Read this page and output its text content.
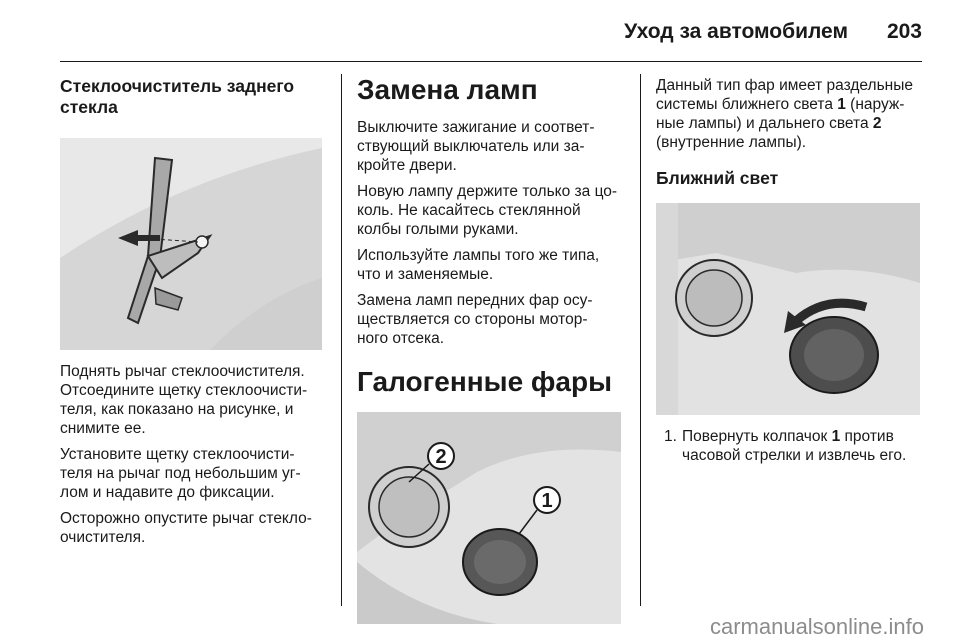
Уход за автомобилем 203
Стеклоочиститель заднего
стекла

Поднять рычаг стеклоочистителя.
Отсоедините щетку стеклоочисти-
теля, как показано на рисунке, и
снимите ее.

Установите щетку стеклоочисти-
теля на рычаг под небольшим уг-
лом и надавите до фиксации.

Осторожно опустите рычаг стекло-
очистителя.

Замена ламп

Выключите зажигание и соответ-
ствующий выключатель или за-
кройте двери.

Новую лампу держите только за цо-
коль. Не касайтесь стеклянной
колбы голыми руками.

Используйте лампы того же типа,
что и заменяемые.

Замена ламп передних фар осу-
ществляется со стороны мотор-
ного отсека.

Галогенные фары
2
1

Данный тип фар имеет раздельные
системы ближнего света 1 (наруж-
ные лампы) и дальнего света 2
(внутренние лампы).

Ближний свет
1. Повернуть колпачок 1 против
часовой стрелки и извлечь его.
carmanualsonline.info
